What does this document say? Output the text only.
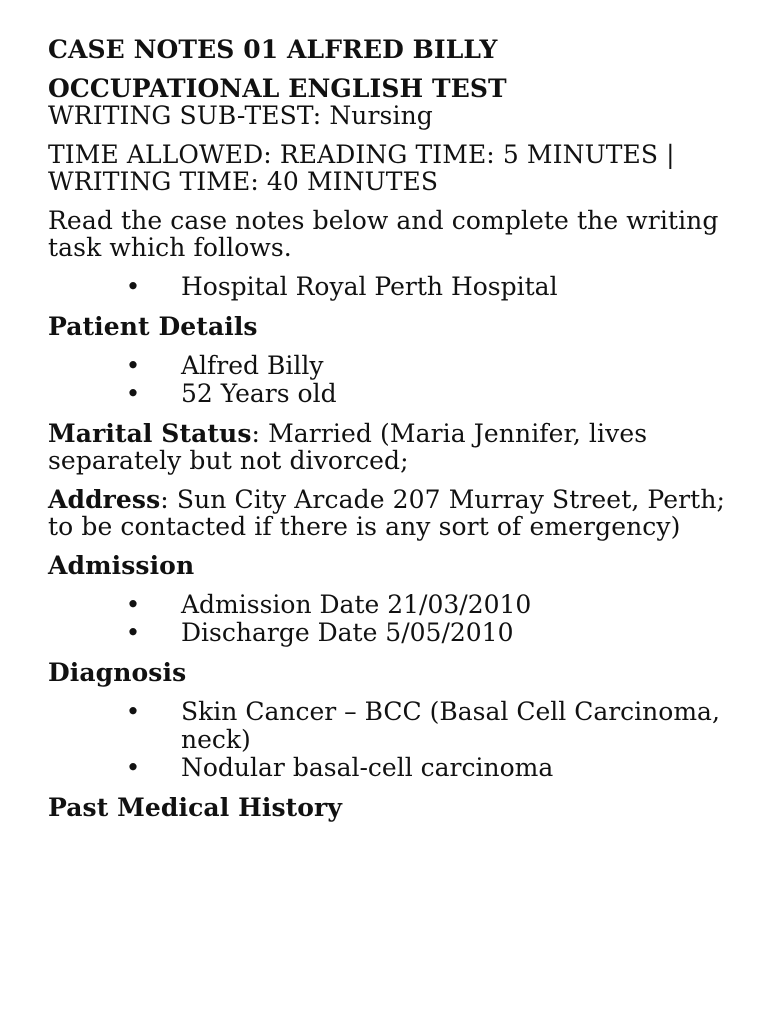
CASE NOTES 01 ALFRED BILLY

OCCUPATIONAL ENGLISH TEST

WRITING SUB-TEST: Nursing

TIME ALLOWED: READING TIME: 5 MINUTES | WRITING TIME: 40 MINUTES

Read the case notes below and complete the writing task which follows.

• Hospital Royal Perth Hospital

Patient Details

• Alfred Billy
• 52 Years old

Marital Status: Married (Maria Jennifer, lives separately but not divorced;

Address: Sun City Arcade 207 Murray Street, Perth; to be contacted if there is any sort of emergency)

Admission

• Admission Date 21/03/2010
• Discharge Date 5/05/2010

Diagnosis

• Skin Cancer – BCC (Basal Cell Carcinoma, neck)
• Nodular basal-cell carcinoma

Past Medical History
